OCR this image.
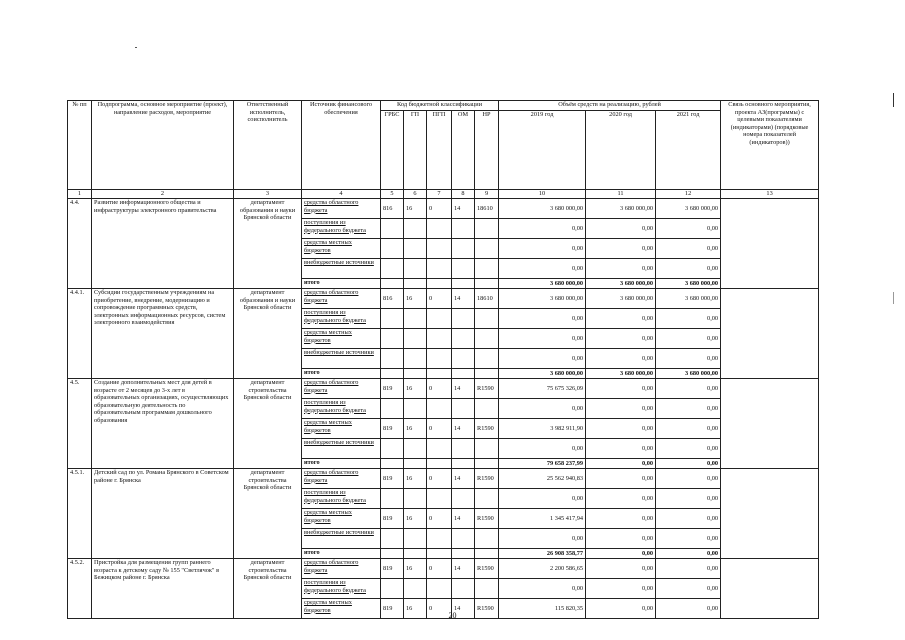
№ пп	Подпрограмма, основное мероприятие (проект), направление расходов, мероприятие	Ответственный исполнитель, соисполнитель	Источник финансового обеспечения	Код бюджетной классификации					Объём средств на реализацию, рублей			Связь основного мероприятия, проекта АЗ(программы) с целевыми показателями (индикаторами) (порядковые номера показателей (индикаторов))
				ГРБС	ГП	ПГП	ОМ	НР	2019 год	2020 год	2021 год	
1	2	3	4	5	6	7	8	9	10	11	12	13
4.4.	Развитие информационного общества и инфраструктуры электронного правительства	департамент образования и науки Брянской области	средства областного бюджета	816	16	0	14	18610	3 680 000,00	3 680 000,00	3 680 000,00	
			поступления из федерального бюджета						0,00	0,00	0,00	
			средства местных бюджетов						0,00	0,00	0,00	
			внебюджетные источники						0,00	0,00	0,00	
			итого						3 680 000,00	3 680 000,00	3 680 000,00	
4.4.1.	Субсидии государственным учреждениям на приобретение, внедрение, модернизацию и сопровождение программных средств, электронных информационных ресурсов, систем электронного взаимодействия	департамент образования и науки Брянской области	средства областного бюджета	816	16	0	14	18610	3 680 000,00	3 680 000,00	3 680 000,00	
			поступления из федерального бюджета						0,00	0,00	0,00	
			средства местных бюджетов						0,00	0,00	0,00	
			внебюджетные источники						0,00	0,00	0,00	
			итого						3 680 000,00	3 680 000,00	3 680 000,00	
4.5.	Создание дополнительных мест для детей в возрасте от 2 месяцев до 3-х лет в образовательных организациях, осуществляющих образовательную деятельность по образовательным программам дошкольного образования	департамент строительства Брянской области	средства областного бюджета	819	16	0	14	R1590	75 675 326,09	0,00	0,00	
			поступления из федерального бюджета						0,00	0,00	0,00	
			средства местных бюджетов	819	16	0	14	R1590	3 982 911,90	0,00	0,00	
			внебюджетные источники						0,00	0,00	0,00	
			итого						79 658 237,99	0,00	0,00	
4.5.1.	Детский сад по ул. Романа Брянского в Советском районе г. Брянска	департамент строительства Брянской области	средства областного бюджета	819	16	0	14	R1590	25 562 940,83	0,00	0,00	
			поступления из федерального бюджета						0,00	0,00	0,00	
			средства местных бюджетов	819	16	0	14	R1590	1 345 417,94	0,00	0,00	
			внебюджетные источники						0,00	0,00	0,00	
			итого						26 908 358,77	0,00	0,00	
4.5.2.	Пристройка для размещения групп раннего возраста к детскому саду № 155 "Светлячок" в Бежицком районе г. Брянска	департамент строительства Брянской области	средства областного бюджета	819	16	0	14	R1590	2 200 586,65	0,00	0,00	
			поступления из федерального бюджета						0,00	0,00	0,00	
			средства местных бюджетов	819	16	0	14	R1590	115 820,35	0,00	0,00	
20
